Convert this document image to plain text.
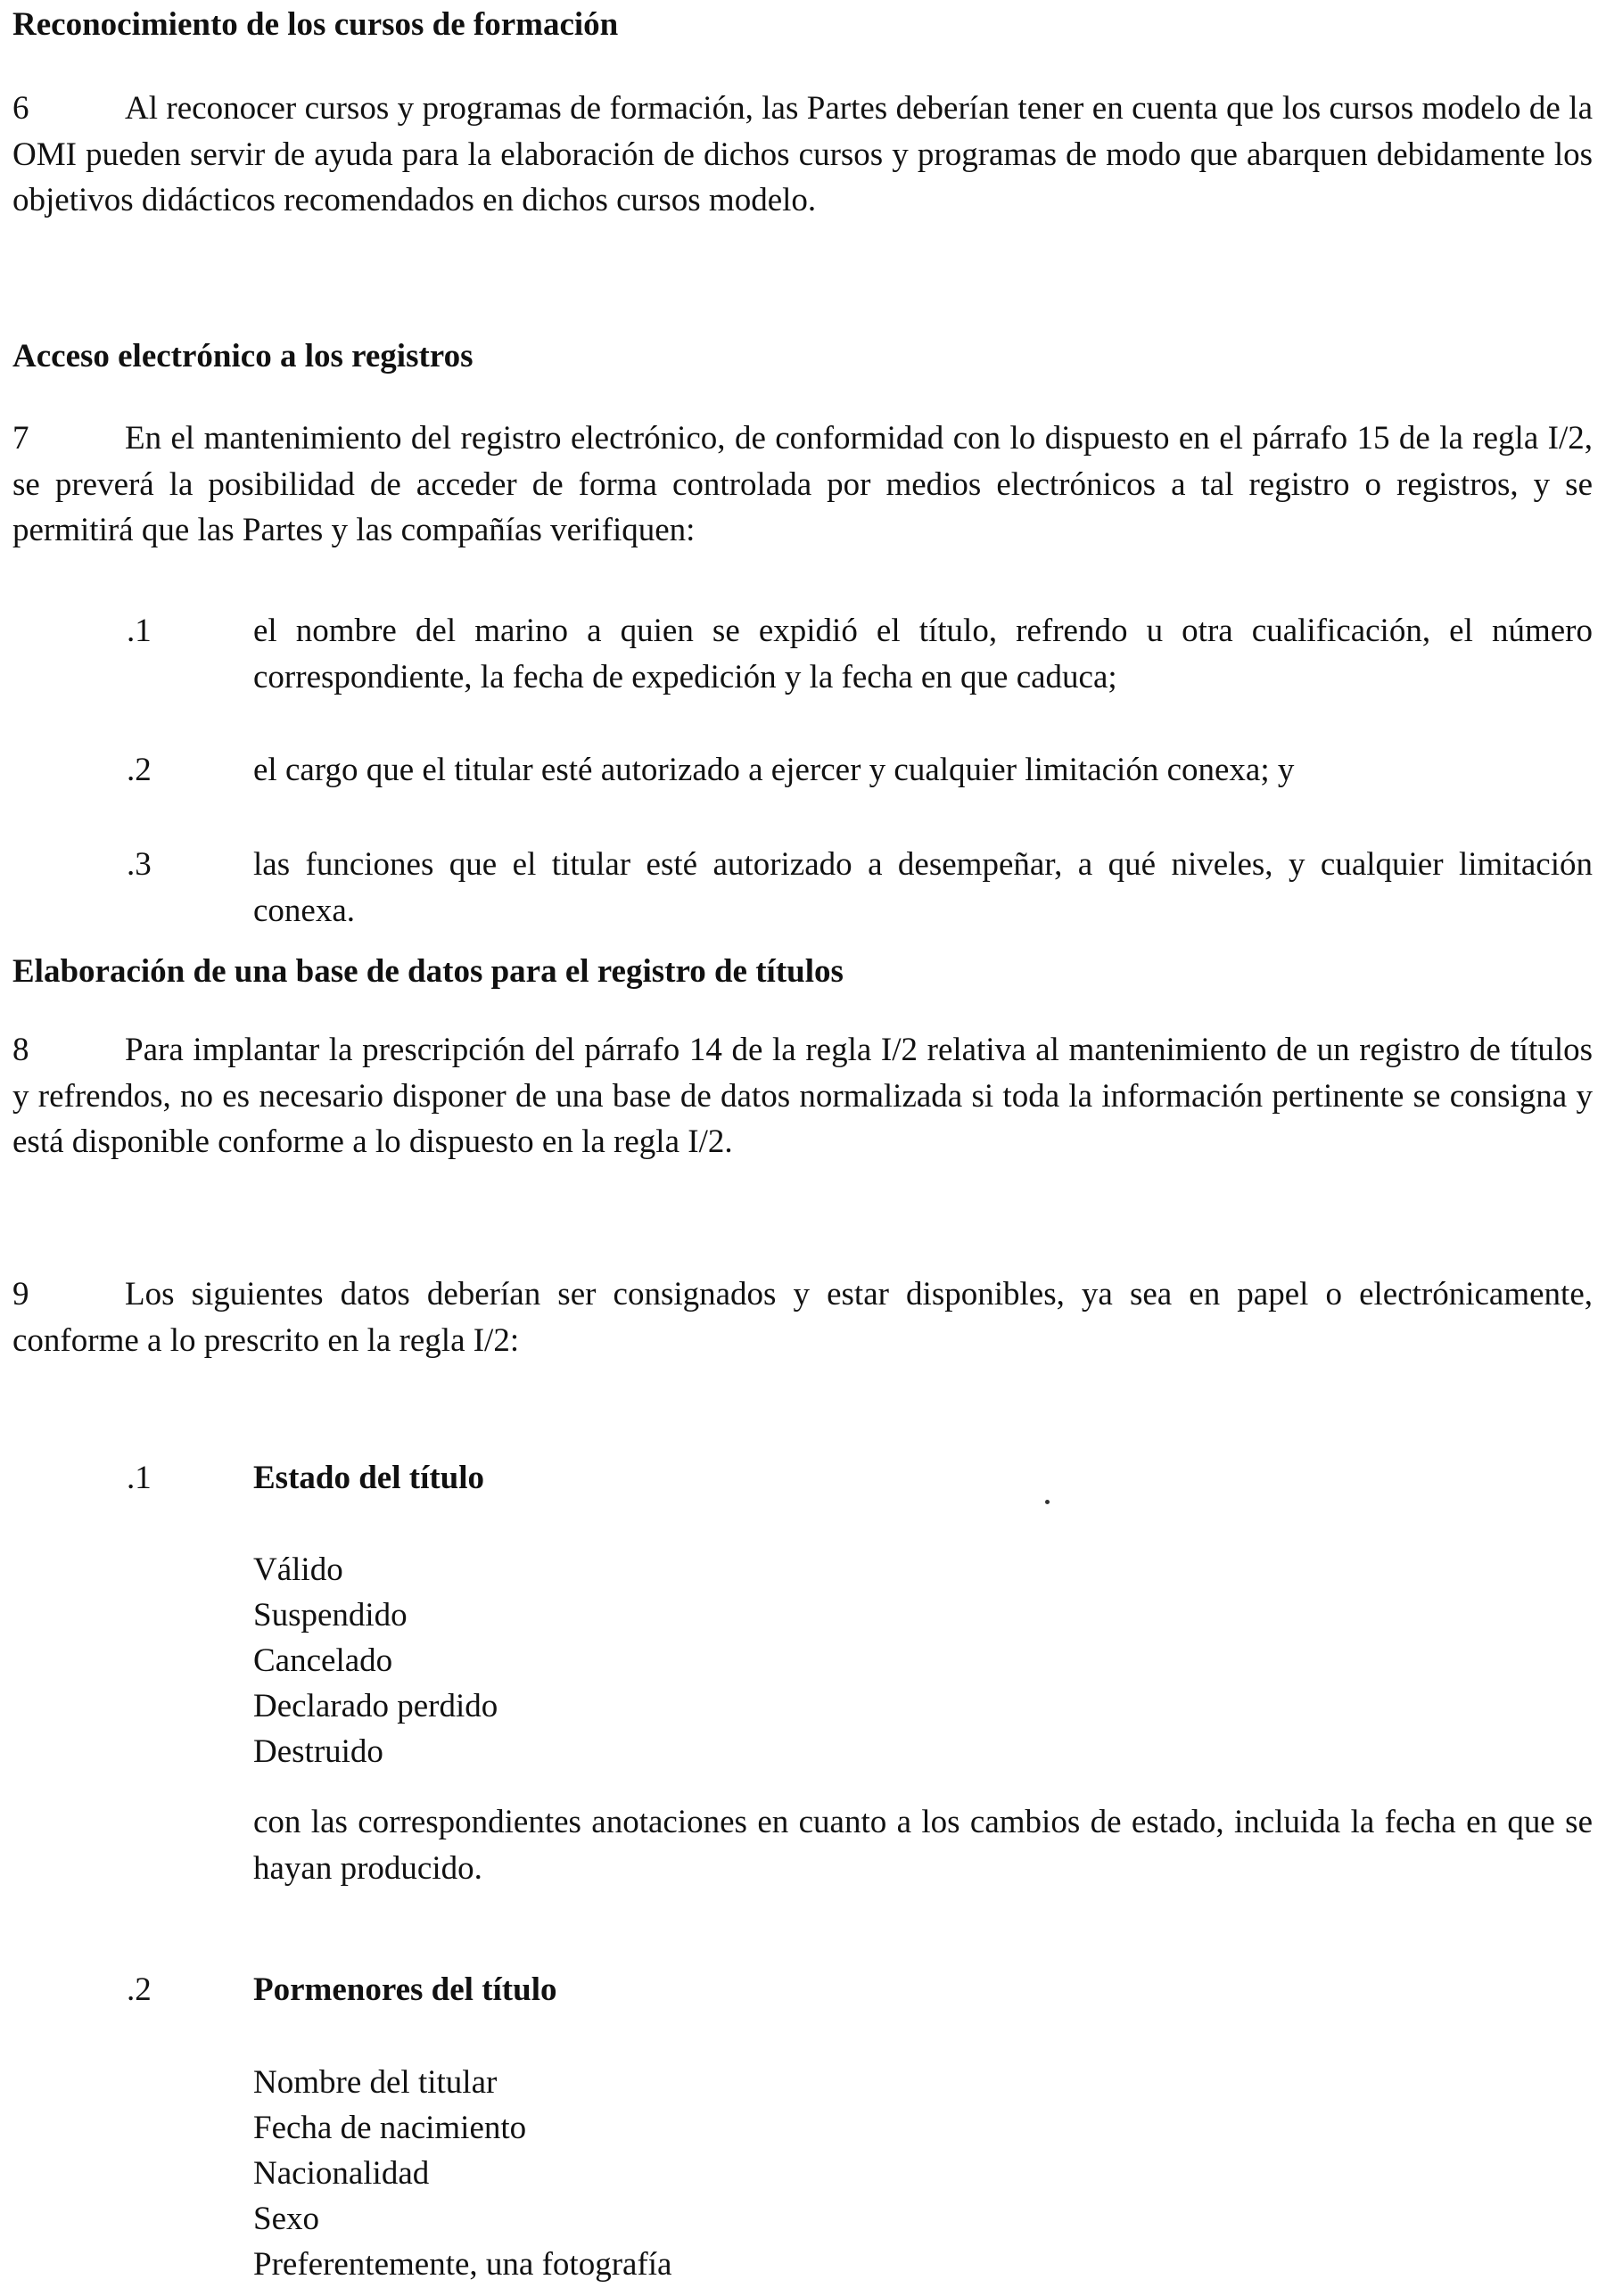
Reconocimiento de los cursos de formación
6	Al reconocer cursos y programas de formación, las Partes deberían tener en cuenta que los cursos modelo de la OMI pueden servir de ayuda para la elaboración de dichos cursos y programas de modo que abarquen debidamente los objetivos didácticos recomendados en dichos cursos modelo.
Acceso electrónico a los registros
7	En el mantenimiento del registro electrónico, de conformidad con lo dispuesto en el párrafo 15 de la regla I/2, se preverá la posibilidad de acceder de forma controlada por medios electrónicos a tal registro o registros, y se permitirá que las Partes y las compañías verifiquen:
.1	el nombre del marino a quien se expidió el título, refrendo u otra cualificación, el número correspondiente, la fecha de expedición y la fecha en que caduca;
.2	el cargo que el titular esté autorizado a ejercer y cualquier limitación conexa; y
.3	las funciones que el titular esté autorizado a desempeñar, a qué niveles, y cualquier limitación conexa.
Elaboración de una base de datos para el registro de títulos
8	Para implantar la prescripción del párrafo 14 de la regla I/2 relativa al mantenimiento de un registro de títulos y refrendos, no es necesario disponer de una base de datos normalizada si toda la información pertinente se consigna y está disponible conforme a lo dispuesto en la regla I/2.
9	Los siguientes datos deberían ser consignados y estar disponibles, ya sea en papel o electrónicamente, conforme a lo prescrito en la regla I/2:
.1	Estado del título
Válido
Suspendido
Cancelado
Declarado perdido
Destruido
con las correspondientes anotaciones en cuanto a los cambios de estado, incluida la fecha en que se hayan producido.
.2	Pormenores del título
Nombre del titular
Fecha de nacimiento
Nacionalidad
Sexo
Preferentemente, una fotografía
